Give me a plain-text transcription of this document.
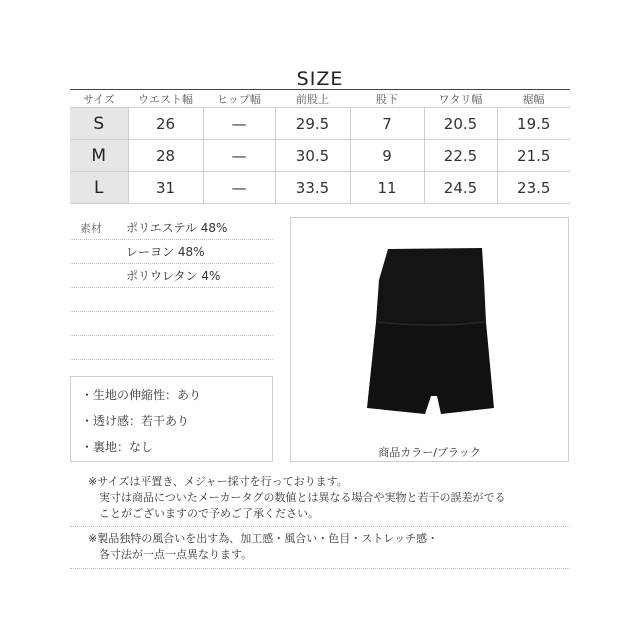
SIZE
サイズ	ウエスト幅	ヒップ幅	前股上	股下	ワタリ幅	裾幅
S	26	—	29.5	7	20.5	19.5
M	28	—	30.5	9	22.5	21.5
L	31	—	33.5	11	24.5	23.5
素材 ポリエステル 48%
レーヨン 48%
ポリウレタン 4%
・生地の伸縮性：あり
・透け感：若干あり
・裏地：なし	商品カラー/ブラック
※サイズは平置き、メジャー採寸を行っております。
実寸は商品についたメーカータグの数値とは異なる場合や実物と若干の誤差がでる
ことがございますので予めご了承ください。
※製品独特の風合いを出す為、加工感・風合い・色目・ストレッチ感・
各寸法が一点一点異なります。
